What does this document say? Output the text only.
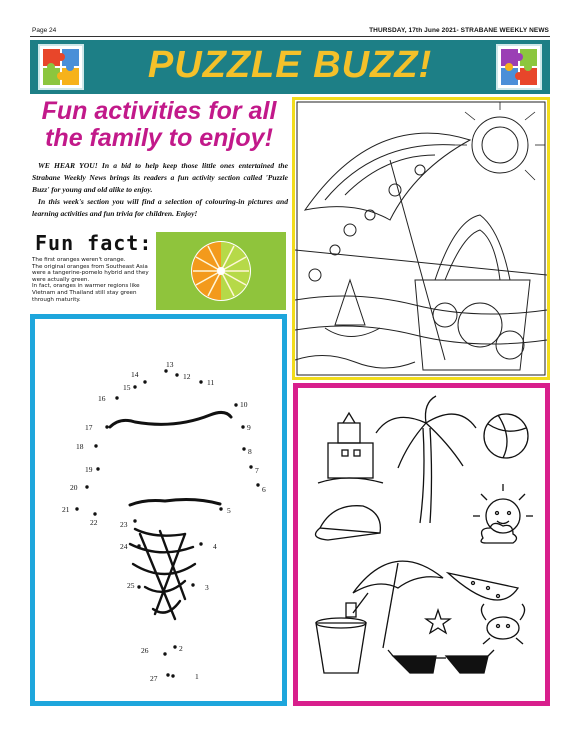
Page 24	THURSDAY, 17th June 2021- STRABANE WEEKLY NEWS
PUZZLE BUZZ!
Fun activities for all
the family to enjoy!

WE HEAR YOU! In a bid to help keep those little ones entertained the Strabane Weekly News brings its readers a fun activity section called 'Puzzle Buzz' for young and old alike to enjoy.

In this week's section you will find a selection of colouring-in pictures and learning activities and fun trivia for children. Enjoy!

Fun fact:
The first oranges weren't orange.
The original oranges from Southeast Asia were a tangerine-pomelo hybrid and they were actually green.
In fact, oranges in warmer regions like Vietnam and Thailand still stay green through maturity.
1
2
3
4
5
6
7
8
9
10
11
12
13
14
15
16
17
18
19
20
21
22	23
24
25
26
27
